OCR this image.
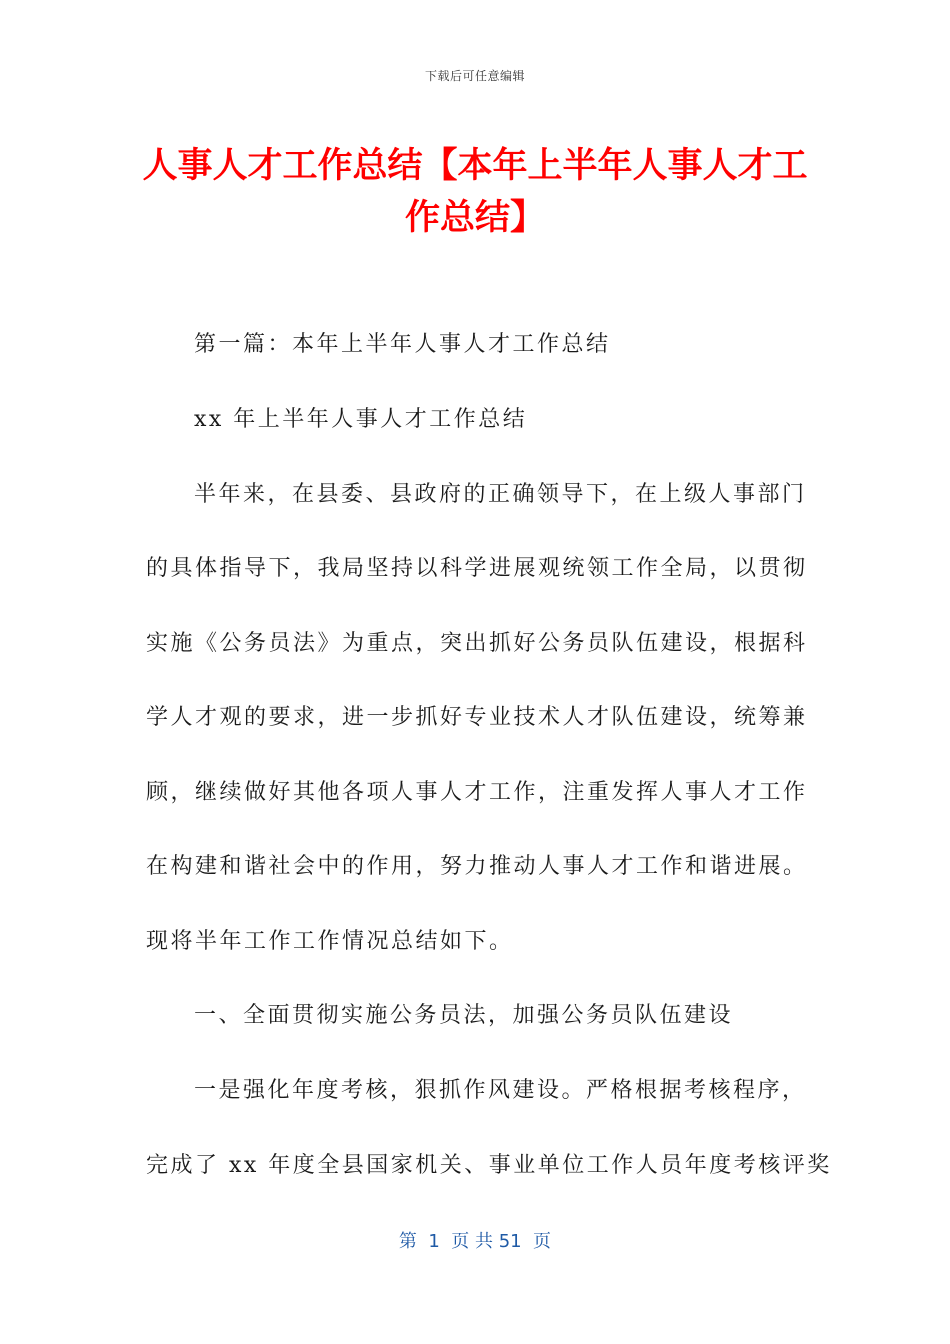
下载后可任意编辑
人事人才工作总结【本年上半年人事人才工
作总结】

第一篇：本年上半年人事人才工作总结

xx 年上半年人事人才工作总结

半年来，在县委、县政府的正确领导下，在上级人事部门

的具体指导下，我局坚持以科学进展观统领工作全局，以贯彻

实施《公务员法》为重点，突出抓好公务员队伍建设，根据科

学人才观的要求，进一步抓好专业技术人才队伍建设，统筹兼

顾，继续做好其他各项人事人才工作，注重发挥人事人才工作

在构建和谐社会中的作用，努力推动人事人才工作和谐进展。

现将半年工作工作情况总结如下。

一、全面贯彻实施公务员法，加强公务员队伍建设

一是强化年度考核，狠抓作风建设。严格根据考核程序，

完成了 xx 年度全县国家机关、事业单位工作人员年度考核评奖

第  1  页 共 51  页
